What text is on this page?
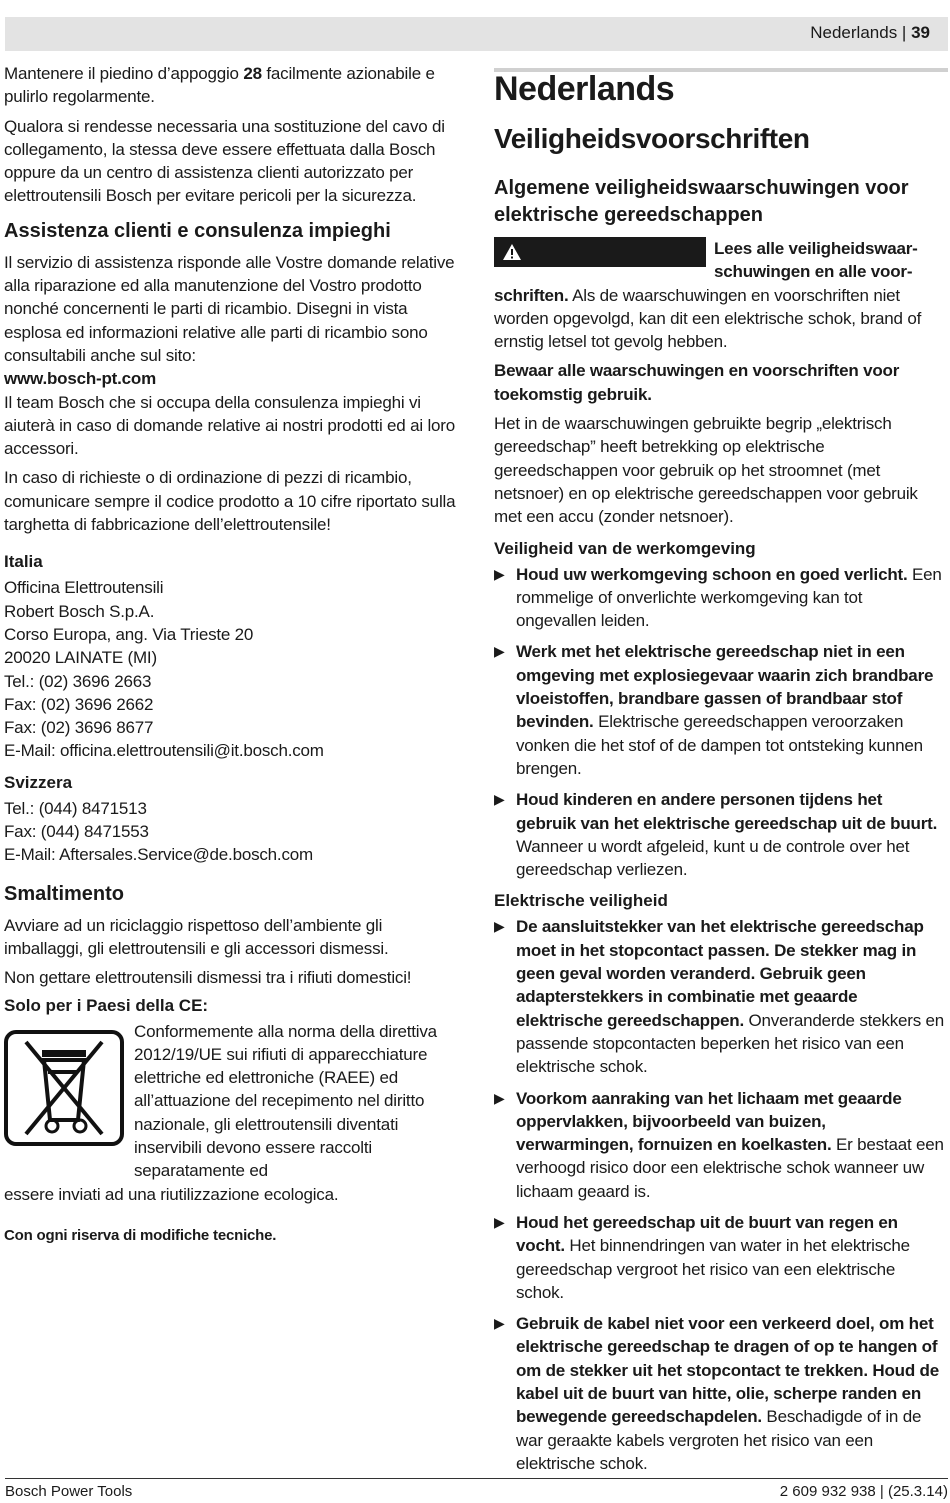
Nederlands | 39

Mantenere il piedino d’appoggio 28 facilmente azionabile e pulirlo regolarmente.

Qualora si rendesse necessaria una sostituzione del cavo di collegamento, la stessa deve essere effettuata dalla Bosch oppure da un centro di assistenza clienti autorizzato per elettroutensili Bosch per evitare pericoli per la sicurezza.

Assistenza clienti e consulenza impieghi

Il servizio di assistenza risponde alle Vostre domande relative alla riparazione ed alla manutenzione del Vostro prodotto nonché concernenti le parti di ricambio. Disegni in vista esplosa ed informazioni relative alle parti di ricambio sono consultabili anche sul sito:

www.bosch-pt.com

Il team Bosch che si occupa della consulenza impieghi vi aiuterà in caso di domande relative ai nostri prodotti ed ai loro accessori.

In caso di richieste o di ordinazione di pezzi di ricambio, comunicare sempre il codice prodotto a 10 cifre riportato sulla targhetta di fabbricazione dell’elettroutensile!

Italia

Officina Elettroutensili

Robert Bosch S.p.A.

Corso Europa, ang. Via Trieste 20

20020 LAINATE (MI)

Tel.: (02) 3696 2663

Fax: (02) 3696 2662

Fax: (02) 3696 8677

E-Mail: officina.elettroutensili@it.bosch.com

Svizzera

Tel.: (044) 8471513

Fax: (044) 8471553

E-Mail: Aftersales.Service@de.bosch.com

Smaltimento

Avviare ad un riciclaggio rispettoso dell’ambiente gli imballaggi, gli elettroutensili e gli accessori dismessi.

Non gettare elettroutensili dismessi tra i rifiuti domestici!

Solo per i Paesi della CE:

Conformemente alla norma della direttiva 2012/19/UE sui rifiuti di apparecchiature elettriche ed elettroniche (RAEE) ed all’attuazione del recepimento nel diritto nazionale, gli elettroutensili diventati inservibili devono essere raccolti separatamente ed

essere inviati ad una riutilizzazione ecologica.

Con ogni riserva di modifiche tecniche.

Nederlands
Veiligheidsvoorschriften
Algemene veiligheidswaarschuwingen voor elektrische gereedschappen

Lees alle veiligheidswaar- schuwingen en alle voor-

schriften. Als de waarschuwingen en voorschriften niet worden opgevolgd, kan dit een elektrische schok, brand of ernstig letsel tot gevolg hebben.

Bewaar alle waarschuwingen en voorschriften voor toekomstig gebruik.

Het in de waarschuwingen gebruikte begrip „elektrisch gereedschap” heeft betrekking op elektrische gereedschappen voor gebruik op het stroomnet (met netsnoer) en op elektrische gereedschappen voor gebruik met een accu (zonder netsnoer).

Veiligheid van de werkomgeving
▶ Houd uw werkomgeving schoon en goed verlicht. Een rommelige of onverlichte werkomgeving kan tot ongevallen leiden.

▶ Werk met het elektrische gereedschap niet in een omgeving met explosiegevaar waarin zich brandbare vloeistoffen, brandbare gassen of brandbaar stof bevinden. Elektrische gereedschappen veroorzaken vonken die het stof of de dampen tot ontsteking kunnen brengen.

▶ Houd kinderen en andere personen tijdens het gebruik van het elektrische gereedschap uit de buurt. Wanneer u wordt afgeleid, kunt u de controle over het gereedschap verliezen.

Elektrische veiligheid
▶ De aansluitstekker van het elektrische gereedschap moet in het stopcontact passen. De stekker mag in geen geval worden veranderd. Gebruik geen adapterstekkers in combinatie met geaarde elektrische gereedschappen. Onveranderde stekkers en passende stopcontacten beperken het risico van een elektrische schok.

▶ Voorkom aanraking van het lichaam met geaarde oppervlakken, bijvoorbeeld van buizen, verwarmingen, fornuizen en koelkasten. Er bestaat een verhoogd risico door een elektrische schok wanneer uw lichaam geaard is.

▶ Houd het gereedschap uit de buurt van regen en vocht. Het binnendringen van water in het elektrische gereedschap vergroot het risico van een elektrische schok.

▶ Gebruik de kabel niet voor een verkeerd doel, om het elektrische gereedschap te dragen of op te hangen of om de stekker uit het stopcontact te trekken. Houd de kabel uit de buurt van hitte, olie, scherpe randen en bewegende gereedschapdelen. Beschadigde of in de war geraakte kabels vergroten het risico van een elektrische schok.

Bosch Power Tools	2 609 932 938 | (25.3.14)
